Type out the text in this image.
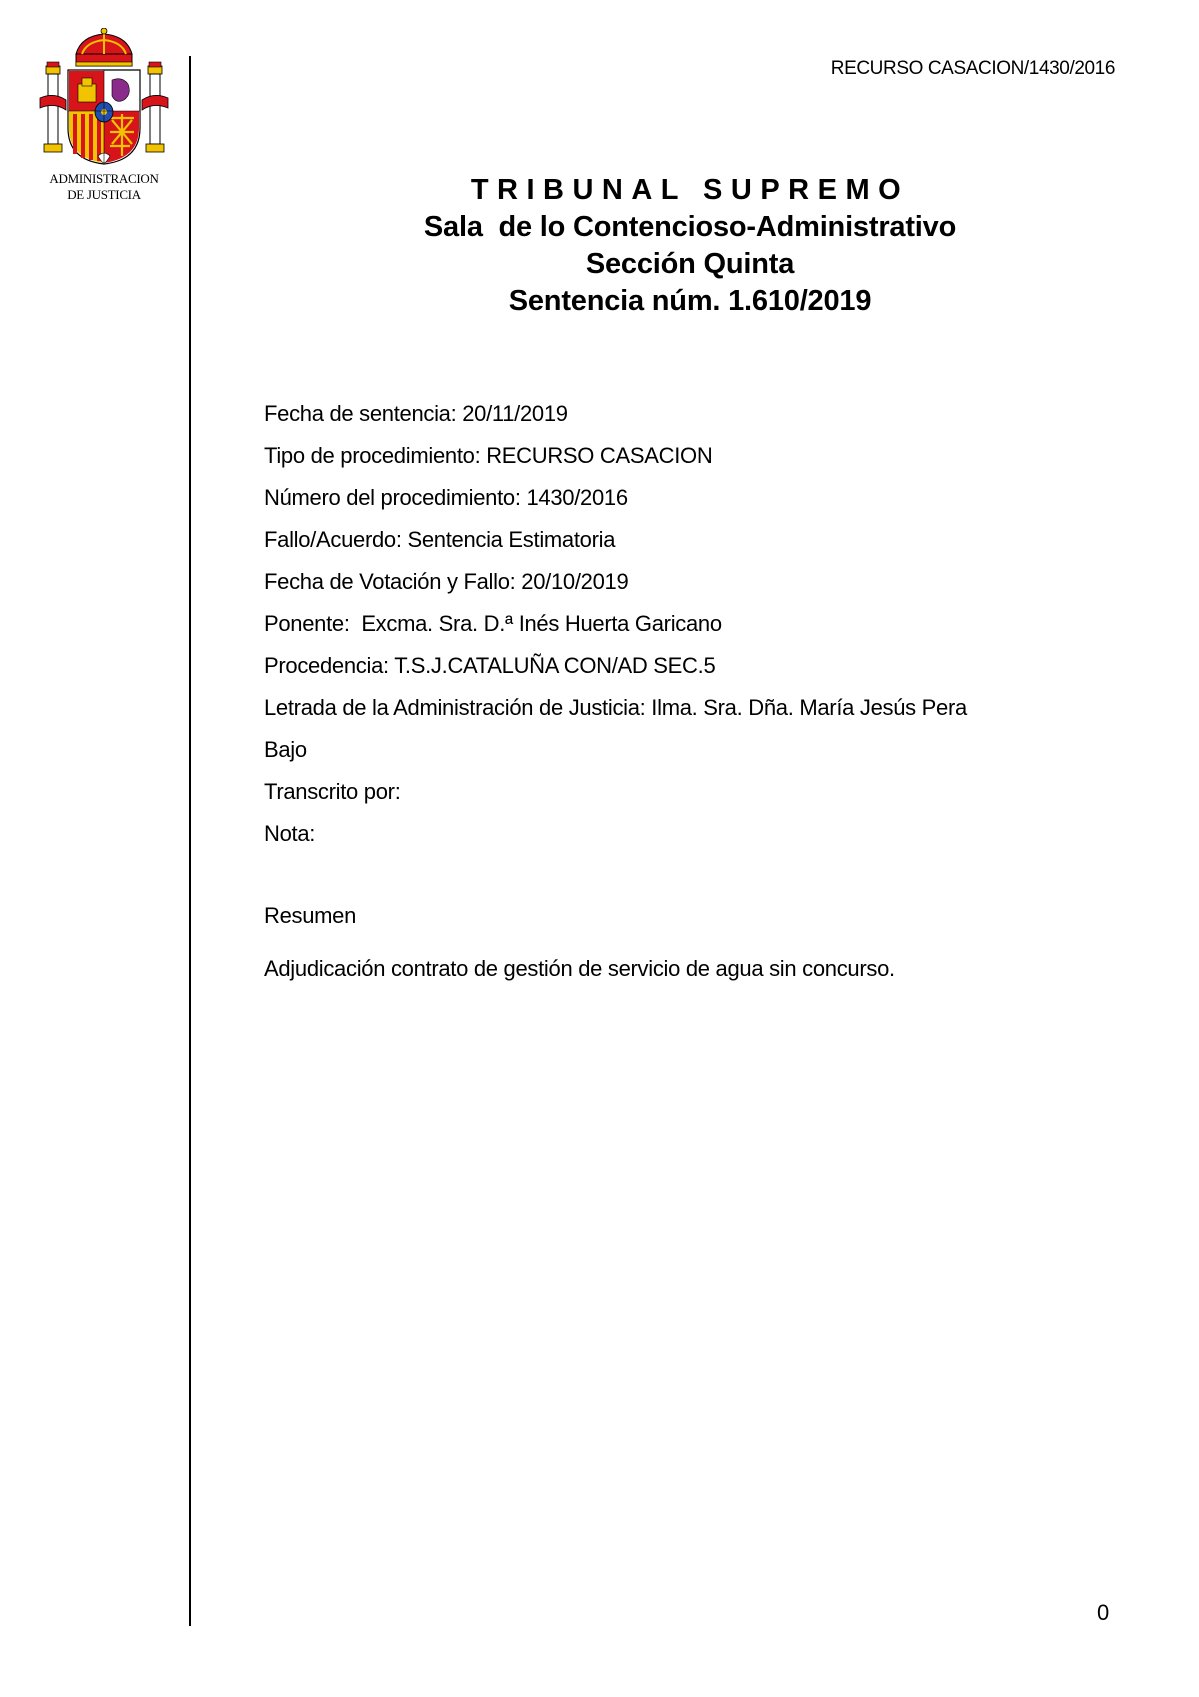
ADMINISTRACION
DE JUSTICIA
RECURSO CASACION/1430/2016
TRIBUNAL SUPREMO
Sala  de lo Contencioso-Administrativo
Sección Quinta
Sentencia núm. 1.610/2019
Fecha de sentencia: 20/11/2019
Tipo de procedimiento: RECURSO CASACION
Número del procedimiento: 1430/2016
Fallo/Acuerdo: Sentencia Estimatoria
Fecha de Votación y Fallo: 20/10/2019
Ponente:  Excma. Sra. D.ª Inés Huerta Garicano
Procedencia: T.S.J.CATALUÑA CON/AD SEC.5
Letrada de la Administración de Justicia: Ilma. Sra. Dña. María Jesús Pera
Bajo
Transcrito por:
Nota:
Resumen
Adjudicación contrato de gestión de servicio de agua sin concurso.
0
